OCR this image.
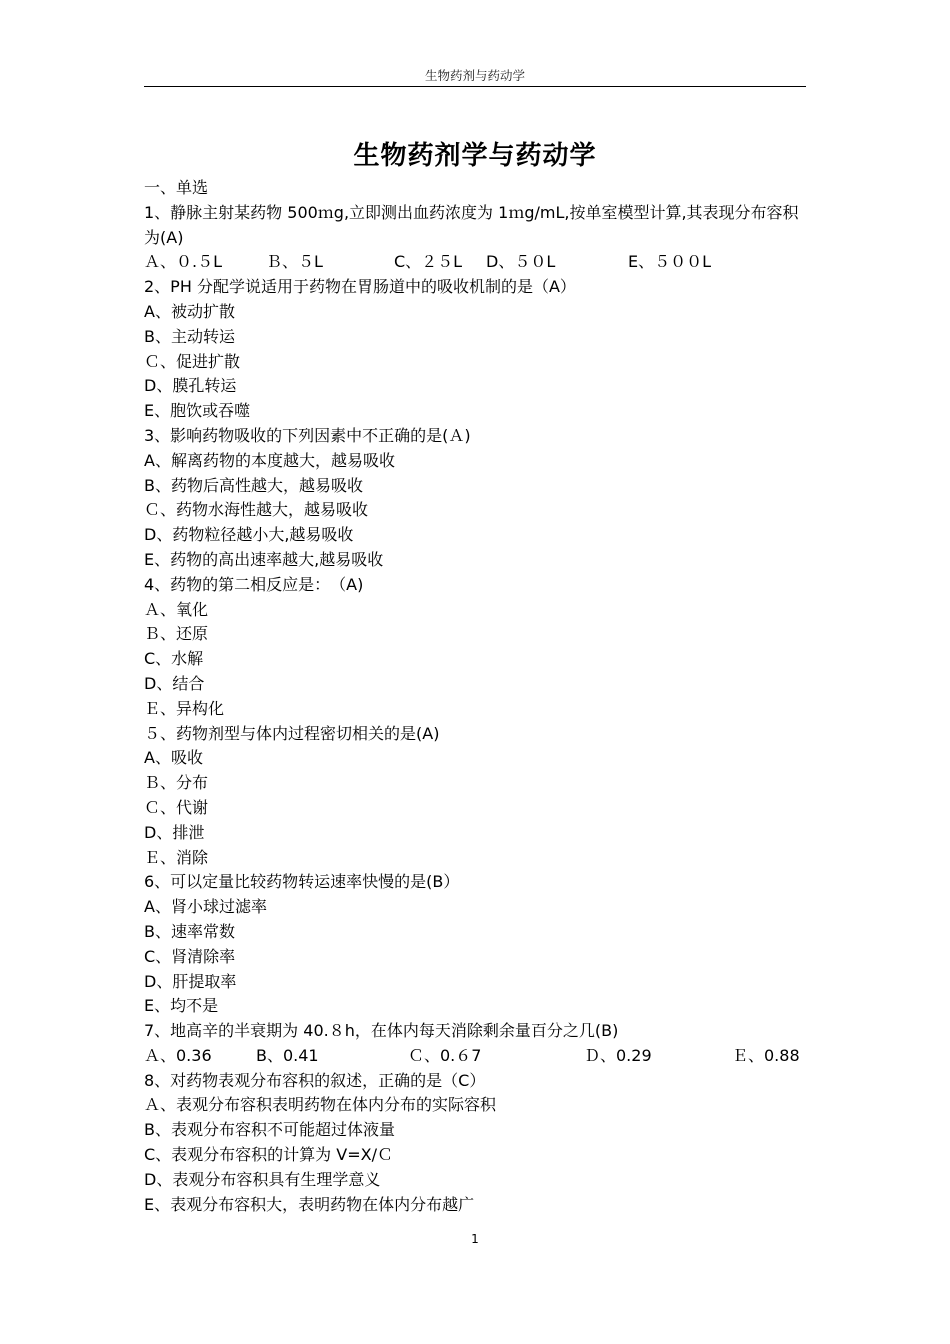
生物药剂与药动学
生物药剂学与药动学
一、单选
1、静脉主射某药物 500ｍg,立即测出血药浓度为 1ｍg/mL,按单室模型计算,其表现分布容积为(A)
Ａ、０.５L	Ｂ、５L	C、２５L	D、５０L	E、５００L
2、PH 分配学说适用于药物在胃肠道中的吸收机制的是（A）
A、被动扩散
B、主动转运
Ｃ、促进扩散
D、膜孔转运
E、胞饮或吞噬
3、影响药物吸收的下列因素中不正确的是(Ａ)
A、解离药物的本度越大，越易吸收
B、药物后高性越大，越易吸收
Ｃ、药物水海性越大，越易吸收
D、药物粒径越小大,越易吸收
E、药物的高出速率越大,越易吸收
4、药物的第二相反应是：　（A)
Ａ、氧化
Ｂ、还原
C、水解
D、结合
Ｅ、异构化
５、药物剂型与体内过程密切相关的是(A)
A、吸收
Ｂ、分布
Ｃ、代谢
D、排泄
Ｅ、消除
6、可以定量比较药物转运速率快慢的是(B）
A、肾小球过滤率
B、速率常数
C、肾清除率
D、肝提取率
E、均不是
7、地高辛的半衰期为 40.８h，在体内每天消除剩余量百分之几(B)
Ａ、0.36	B、0.41	Ｃ、0.６7	Ｄ、0.29	Ｅ、0.88
8、对药物表观分布容积的叙述，正确的是（C）
Ａ、表观分布容积表明药物在体内分布的实际容积
B、表观分布容积不可能超过体液量
C、表观分布容积的计算为 V=X/Ｃ
D、表观分布容积具有生理学意义
E、表观分布容积大，表明药物在体内分布越广
1
